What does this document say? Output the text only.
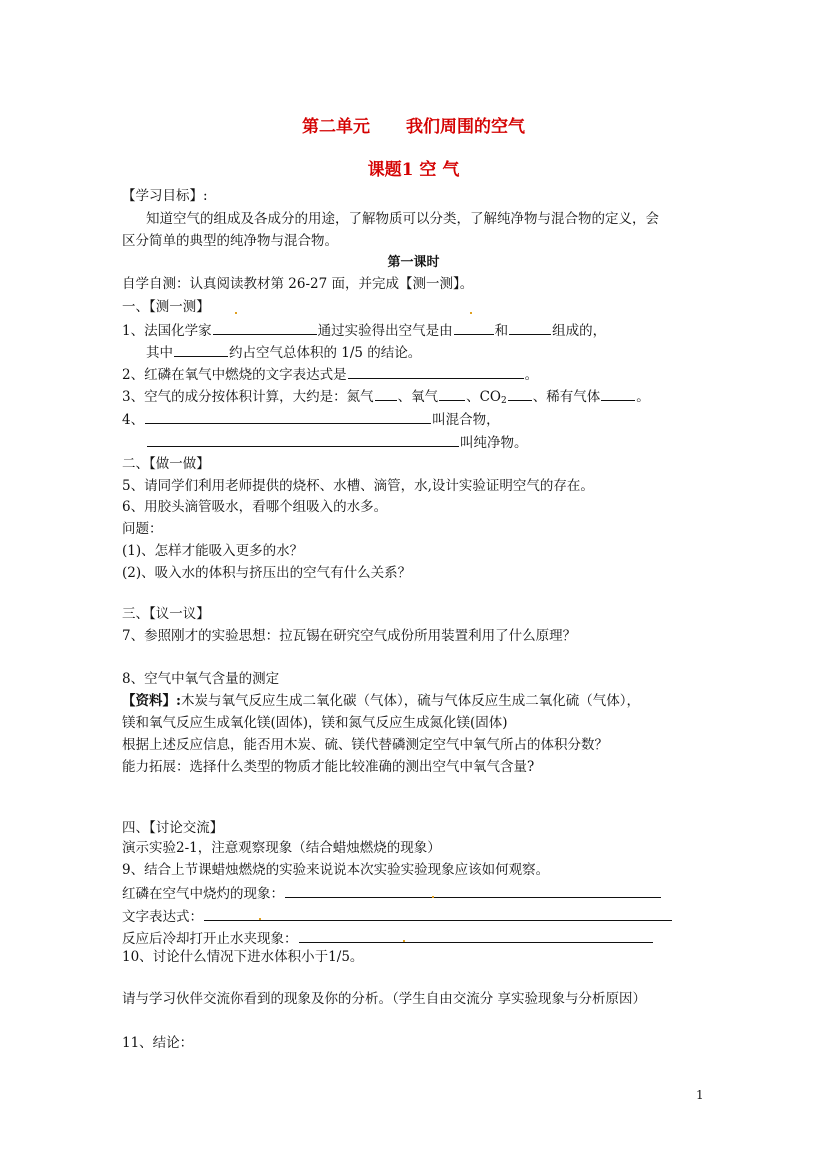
第二单元 我们周围的空气
课题1 空 气
【学习目标】:
知道空气的组成及各成分的用途，了解物质可以分类，了解纯净物与混合物的定义，会
区分简单的典型的纯净物与混合物。
第一课时
自学自测：认真阅读教材第 26-27 面，并完成【测一测】。
一、【测一测】
1、法国化学家	通过实验得出空气是由	和	组成的，
其中	约占空气总体积的 1/5 的结论。
2、红磷在氧气中燃烧的文字表达式是	。
3、空气的成分按体积计算，大约是：氮气 、氧气 、$CO_2$ 、稀有气体	。
4、	叫混合物，
叫纯净物。
二、【做一做】
5、请同学们利用老师提供的烧杯、水槽、滴管，水,设计实验证明空气的存在。
6、用胶头滴管吸水，看哪个组吸入的水多。
问题：
(1)、怎样才能吸入更多的水？
(2)、吸入水的体积与挤压出的空气有什么关系？
三、【议一议】
7、参照刚才的实验思想：拉瓦锡在研究空气成份所用装置利用了什么原理？
8、空气中氧气含量的测定
【资料】:木炭与氧气反应生成二氧化碳（气体），硫与气体反应生成二氧化硫（气体），
镁和氧气反应生成氧化镁(固体)，镁和氮气反应生成氮化镁(固体)
根据上述反应信息，能否用木炭、硫、镁代替磷测定空气中氧气所占的体积分数？
能力拓展：选择什么类型的物质才能比较准确的测出空气中氧气含量?
四、【讨论交流】
演示实验2-1，注意观察现象（结合蜡烛燃烧的现象）
9、结合上节课蜡烛燃烧的实验来说说本次实验实验现象应该如何观察。
红磷在空气中烧灼的现象：
文字表达式：
反应后冷却打开止水夹现象：
10、讨论什么情况下进水体积小于1/5。
请与学习伙伴交流你看到的现象及你的分析。（学生自由交流分 享实验现象与分析原因）
11、结论：
1
